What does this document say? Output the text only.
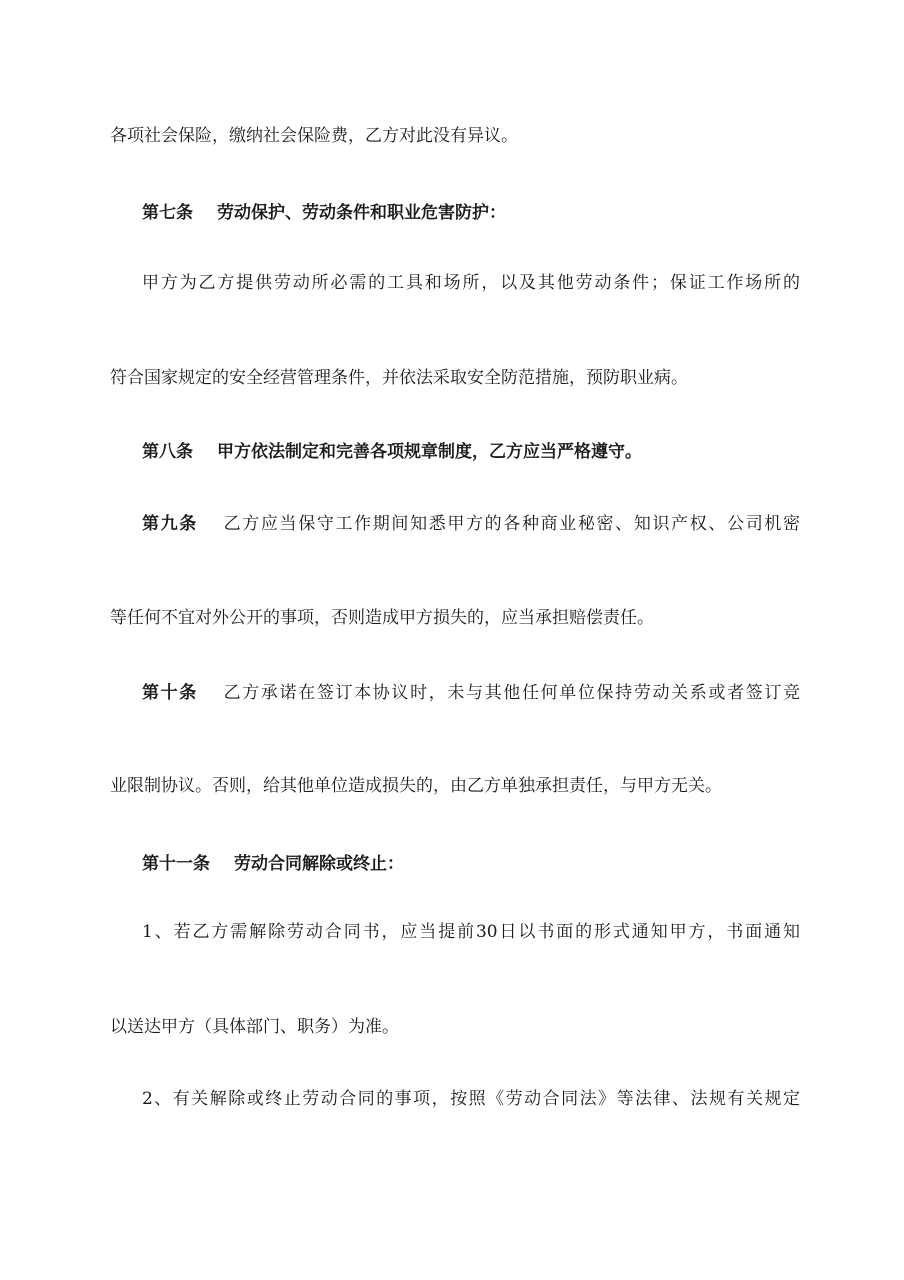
各项社会保险，缴纳社会保险费，乙方对此没有异议。
第七条 劳动保护、劳动条件和职业危害防护：
甲方为乙方提供劳动所必需的工具和场所，以及其他劳动条件；保证工作场所的
符合国家规定的安全经营管理条件，并依法采取安全防范措施，预防职业病。
第八条 甲方依法制定和完善各项规章制度，乙方应当严格遵守。
第九条 乙方应当保守工作期间知悉甲方的各种商业秘密、知识产权、公司机密
等任何不宜对外公开的事项，否则造成甲方损失的，应当承担赔偿责任。
第十条 乙方承诺在签订本协议时，未与其他任何单位保持劳动关系或者签订竞
业限制协议。否则，给其他单位造成损失的，由乙方单独承担责任，与甲方无关。
第十一条 劳动合同解除或终止：
1、若乙方需解除劳动合同书，应当提前30日以书面的形式通知甲方，书面通知
以送达甲方（具体部门、职务）为准。
2、有关解除或终止劳动合同的事项，按照《劳动合同法》等法律、法规有关规定
